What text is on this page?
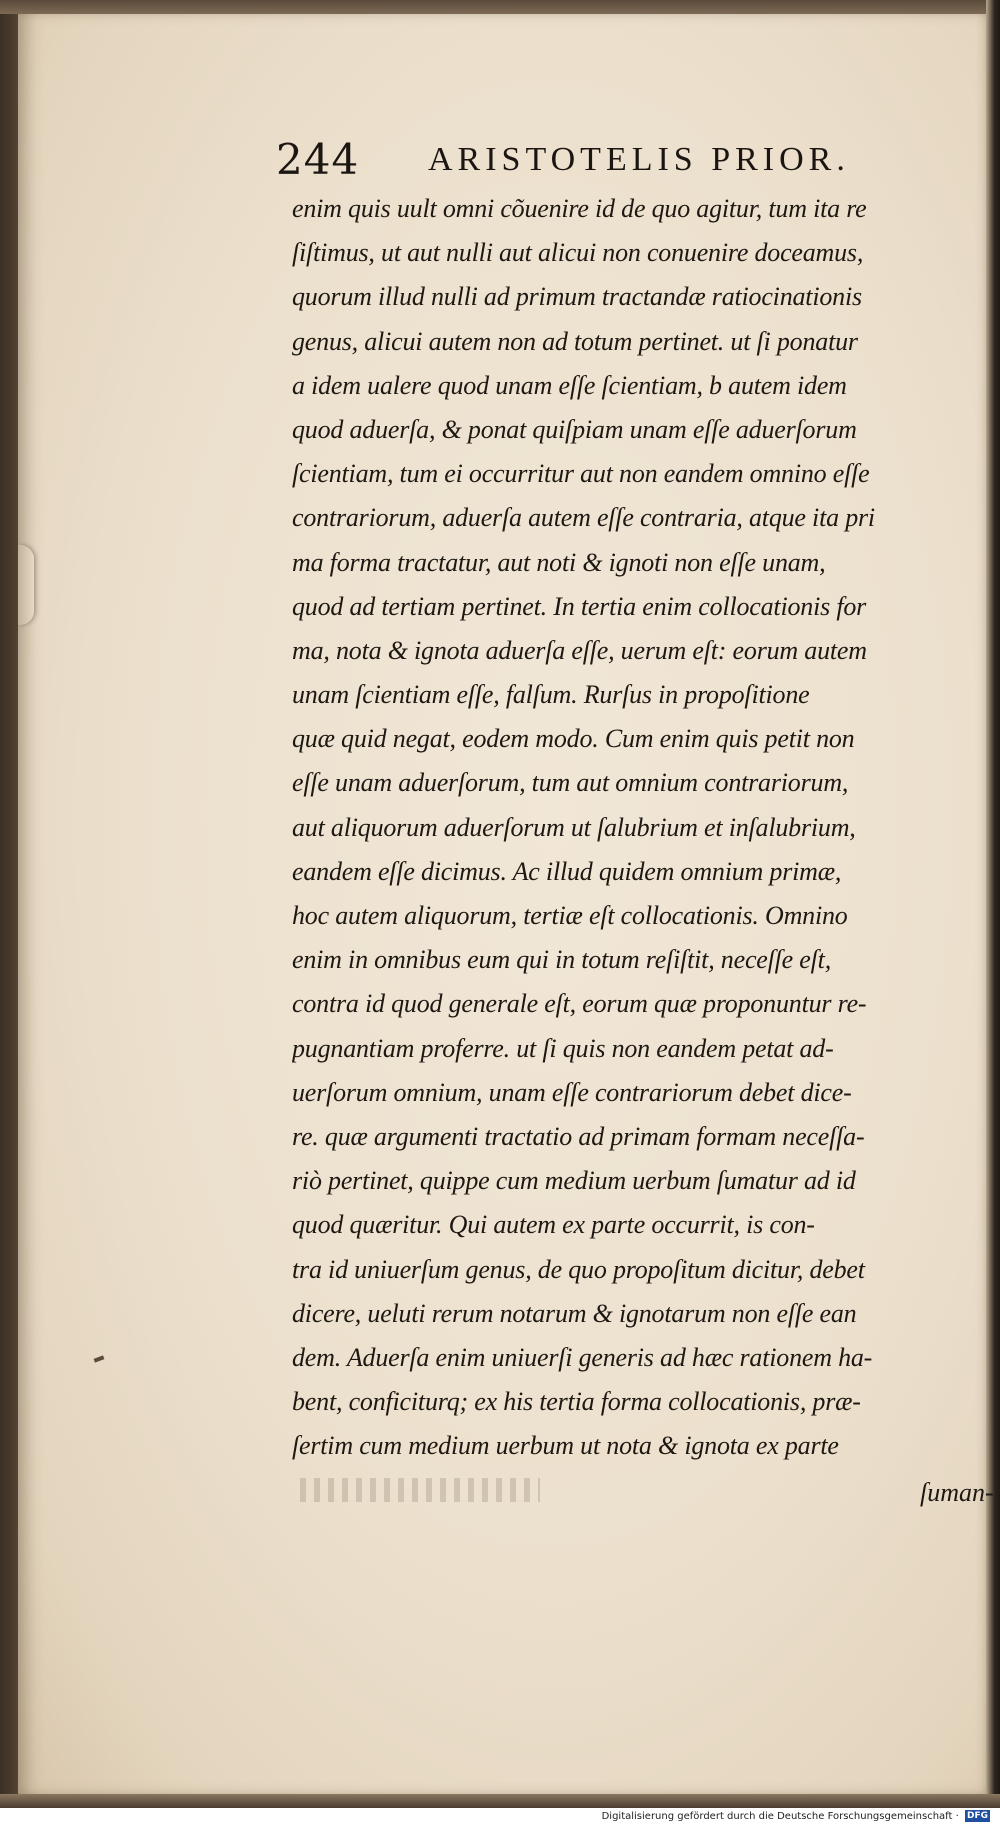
244 ARISTOTELIS PRIOR.
enim quis uult omni cõuenire id de quo agitur, tum ita re
ſiſtimus, ut aut nulli aut alicui non conuenire doceamus,
quorum illud nulli ad primum tractandæ ratiocinationis
genus, alicui autem non ad totum pertinet. ut ſi ponatur
a idem ualere quod unam eſſe ſcientiam, b autem idem
quod aduerſa, & ponat quiſpiam unam eſſe aduerſorum
ſcientiam, tum ei occurritur aut non eandem omnino eſſe
contrariorum, aduerſa autem eſſe contraria, atque ita pri
ma forma tractatur, aut noti & ignoti non eſſe unam,
quod ad tertiam pertinet. In tertia enim collocationis for
ma, nota & ignota aduerſa eſſe, uerum eſt: eorum autem
unam ſcientiam eſſe, falſum. Rurſus in propoſitione
quæ quid negat, eodem modo. Cum enim quis petit non
eſſe unam aduerſorum, tum aut omnium contrariorum,
aut aliquorum aduerſorum ut ſalubrium et inſalubrium,
eandem eſſe dicimus. Ac illud quidem omnium primæ,
hoc autem aliquorum, tertiæ eſt collocationis. Omnino
enim in omnibus eum qui in totum reſiſtit, neceſſe eſt,
contra id quod generale eſt, eorum quæ proponuntur re-
pugnantiam proferre. ut ſi quis non eandem petat ad-
uerſorum omnium, unam eſſe contrariorum debet dice-
re. quæ argumenti tractatio ad primam formam neceſſa-
riò pertinet, quippe cum medium uerbum ſumatur ad id
quod quæritur. Qui autem ex parte occurrit, is con-
tra id uniuerſum genus, de quo propoſitum dicitur, debet
dicere, ueluti rerum notarum & ignotarum non eſſe ean
dem. Aduerſa enim uniuerſi generis ad hæc rationem ha-
bent, conficiturq; ex his tertia forma collocationis, præ-
ſertim cum medium uerbum ut nota & ignota ex parte
ſuman-
Digitalisierung gefördert durch die Deutsche Forschungsgemeinschaft · DFG
